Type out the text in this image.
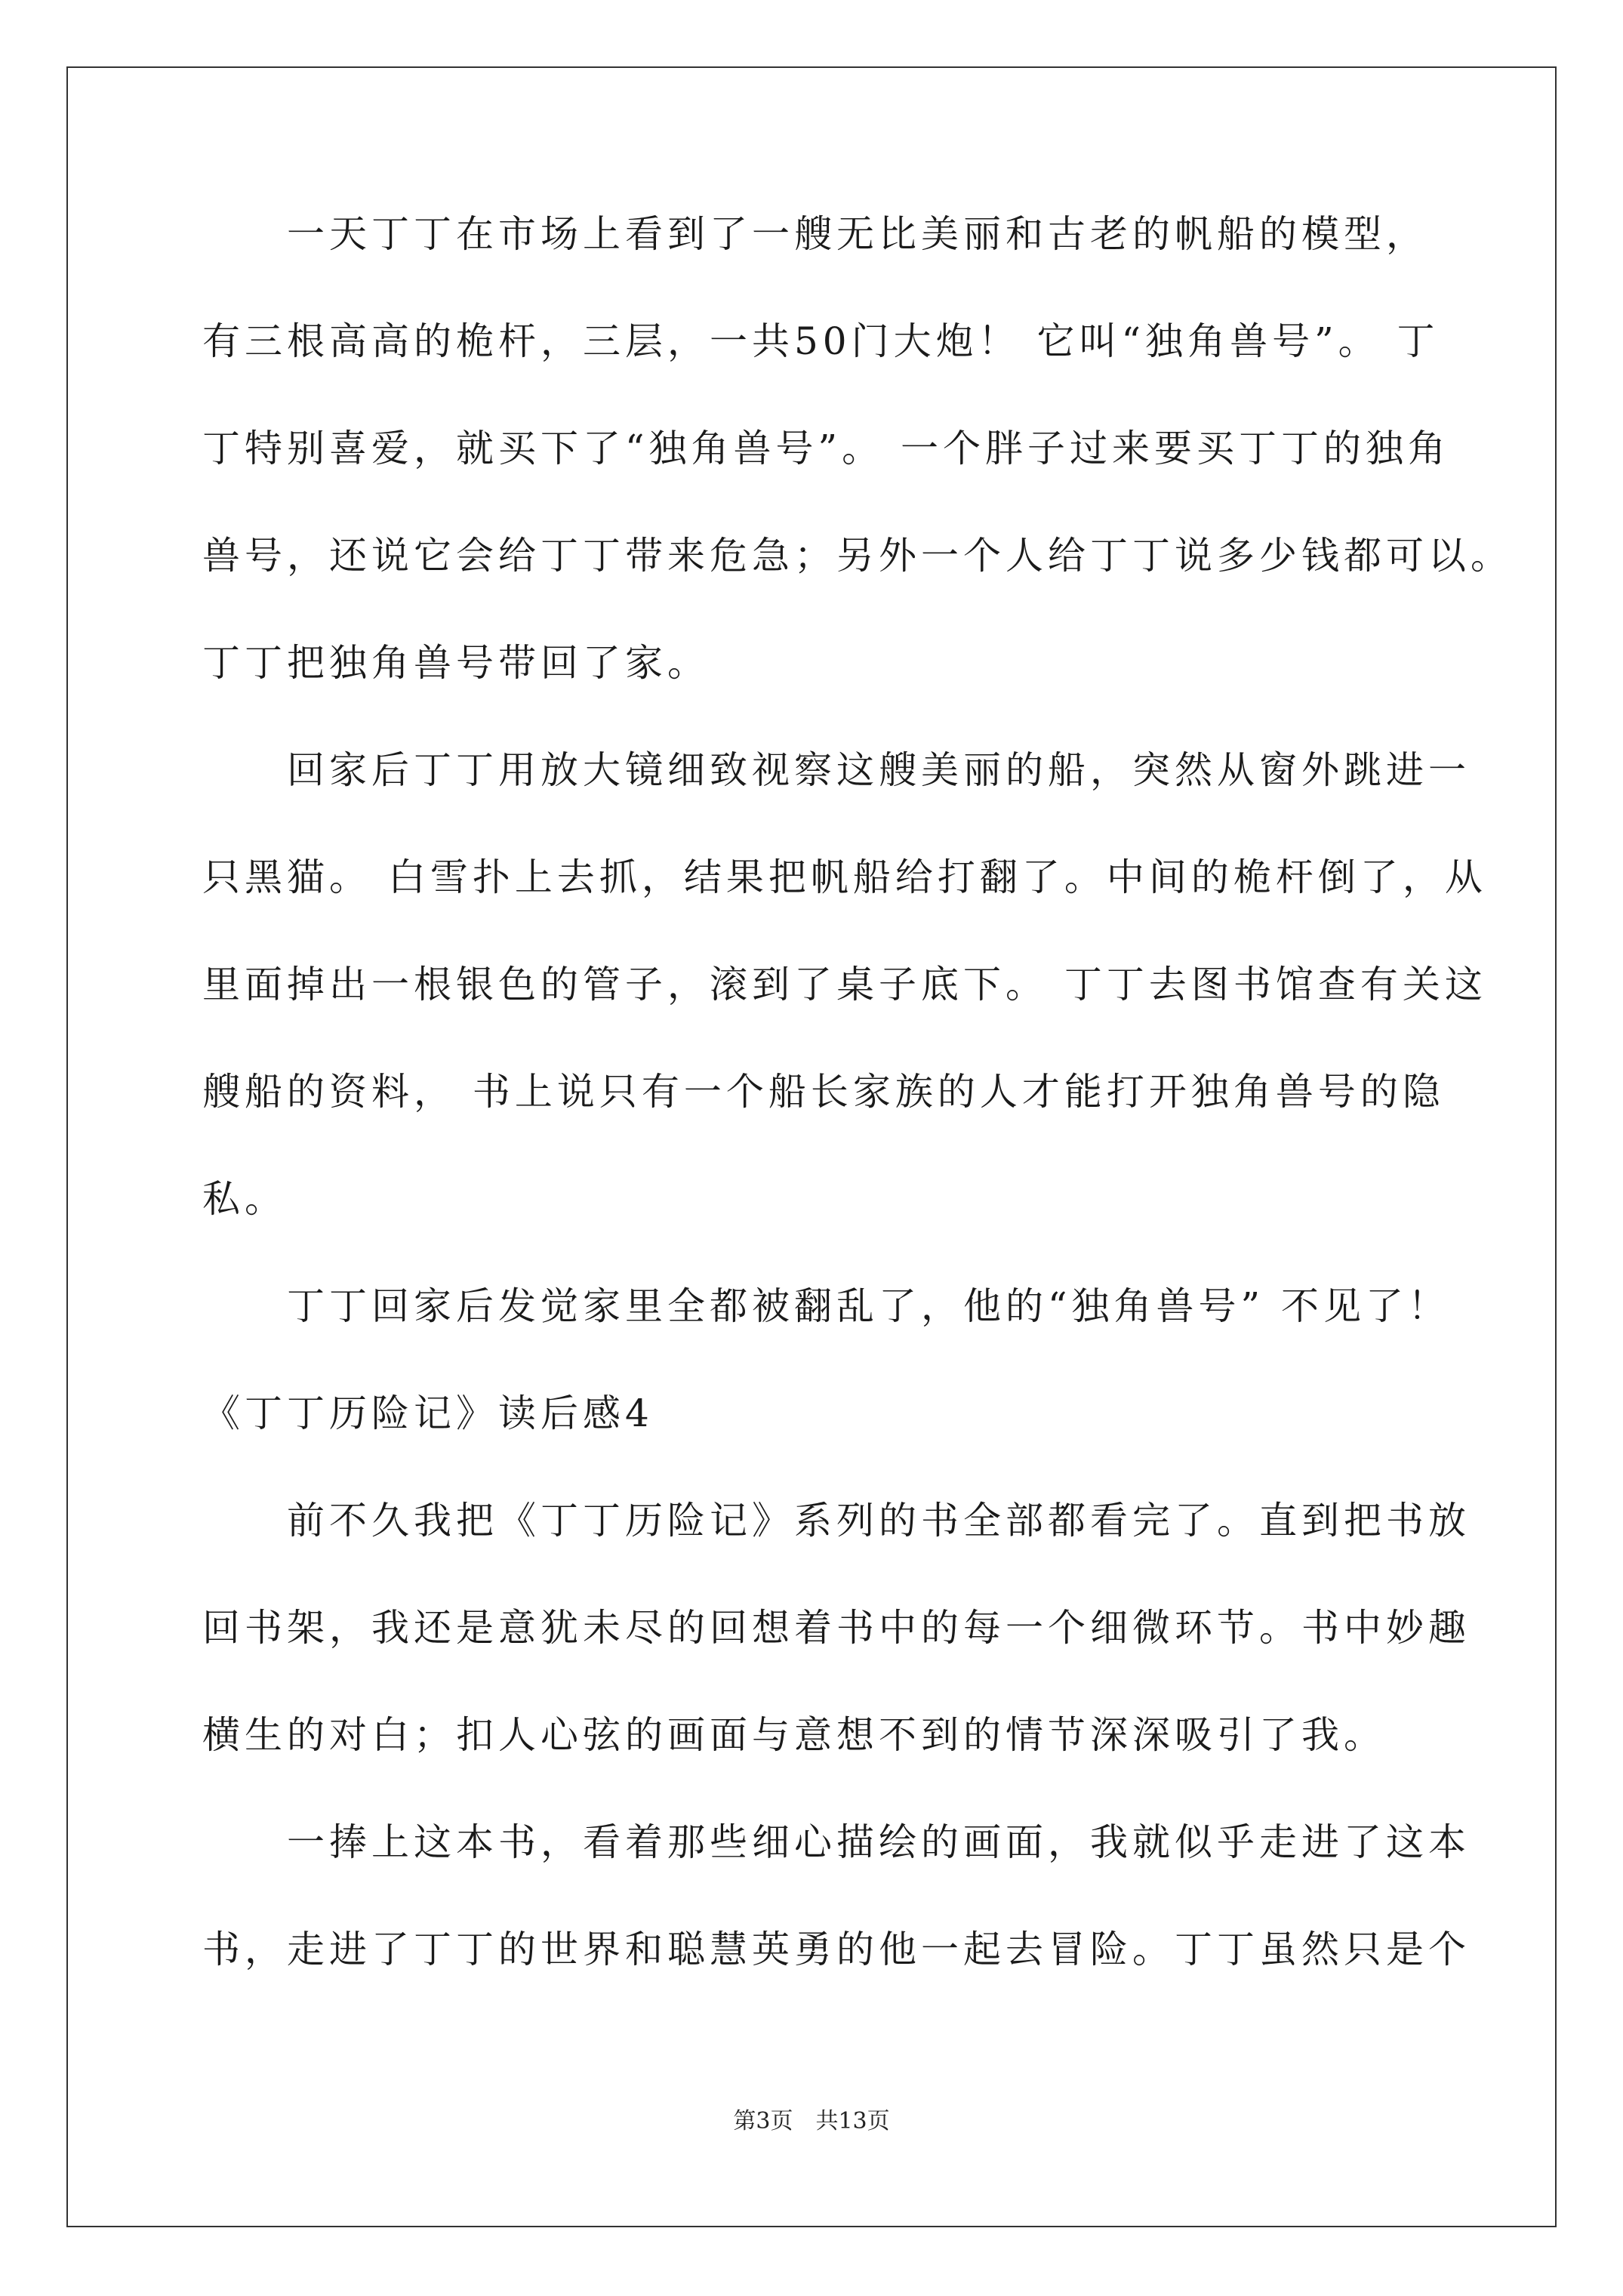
　　一天丁丁在市场上看到了一艘无比美丽和古老的帆船的模型，
有三根高高的桅杆，三层，一共50门大炮！ 它叫“独角兽号”。 丁
丁特别喜爱，就买下了“独角兽号”。 一个胖子过来要买丁丁的独角
兽号，还说它会给丁丁带来危急；另外一个人给丁丁说多少钱都可以。
丁丁把独角兽号带回了家。
　　回家后丁丁用放大镜细致视察这艘美丽的船，突然从窗外跳进一
只黑猫。 白雪扑上去抓，结果把帆船给打翻了。中间的桅杆倒了，从
里面掉出一根银色的管子，滚到了桌子底下。 丁丁去图书馆查有关这
艘船的资料， 书上说只有一个船长家族的人才能打开独角兽号的隐
私。
　　丁丁回家后发觉家里全都被翻乱了，他的“独角兽号” 不见了！
《丁丁历险记》读后感4
　　前不久我把《丁丁历险记》系列的书全部都看完了。直到把书放
回书架，我还是意犹未尽的回想着书中的每一个细微环节。书中妙趣
横生的对白；扣人心弦的画面与意想不到的情节深深吸引了我。
　　一捧上这本书，看着那些细心描绘的画面，我就似乎走进了这本
书，走进了丁丁的世界和聪慧英勇的他一起去冒险。丁丁虽然只是个
第3页　共13页
